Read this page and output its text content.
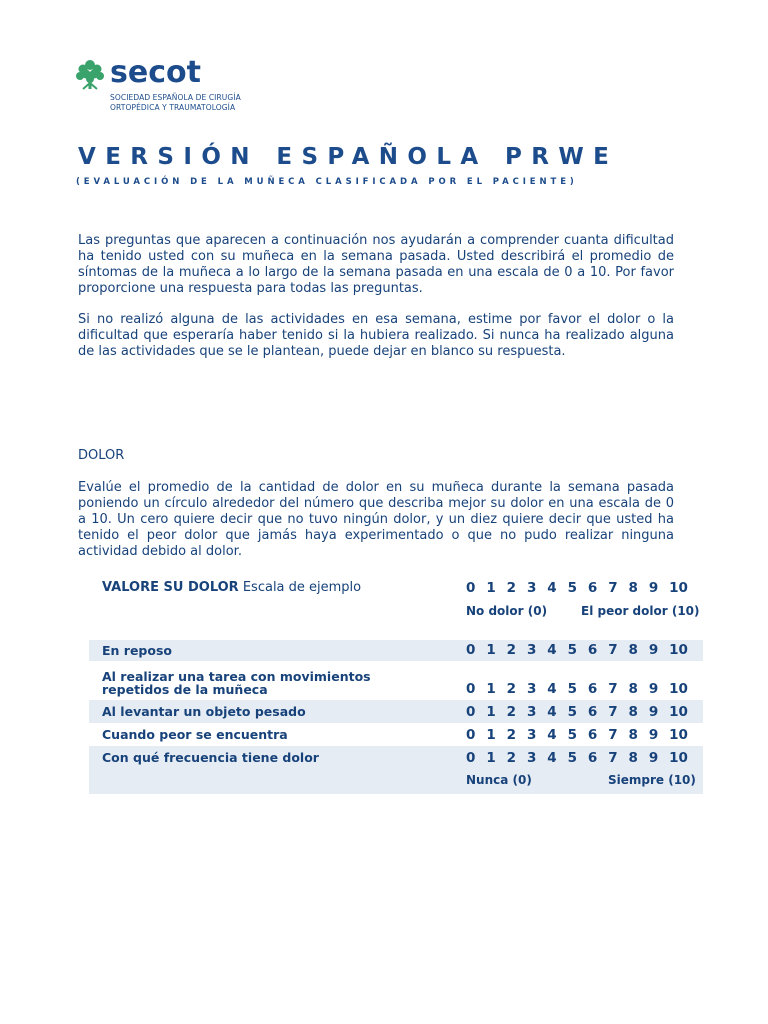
secot
SOCIEDAD ESPAÑOLA DE CIRUGÍA
ORTOPÉDICA Y TRAUMATOLOGÍA
VERSIÓN ESPAÑOLA PRWE
(EVALUACIÓN DE LA MUÑECA CLASIFICADA POR EL PACIENTE)
Las preguntas que aparecen a continuación nos ayudarán a comprender cuanta dificultad ha tenido usted con su muñeca en la semana pasada. Usted describirá el promedio de síntomas de la muñeca a lo largo de la semana pasada en una escala de 0 a 10. Por favor proporcione una respuesta para todas las preguntas.
Si no realizó alguna de las actividades en esa semana, estime por favor el dolor o la dificultad que esperaría haber tenido si la hubiera realizado. Si nunca ha realizado alguna de las actividades que se le plantean, puede dejar en blanco su respuesta.
DOLOR
Evalúe el promedio de la cantidad de dolor en su muñeca durante la semana pasada poniendo un círculo alrededor del número que describa mejor su dolor en una escala de 0 a 10. Un cero quiere decir que no tuvo ningún dolor, y un diez quiere decir que usted ha tenido el peor dolor que jamás haya experimentado o que no pudo realizar ninguna actividad debido al dolor.
VALORE SU DOLOR Escala de ejemplo	0 1 2 3 4 5 6 7 8 9 10
No dolor (0)	El peor dolor (10)
En reposo	0 1 2 3 4 5 6 7 8 9 10
Al realizar una tarea con movimientos repetidos de la muñeca	0 1 2 3 4 5 6 7 8 9 10
Al levantar un objeto pesado	0 1 2 3 4 5 6 7 8 9 10
Cuando peor se encuentra	0 1 2 3 4 5 6 7 8 9 10
Con qué frecuencia tiene dolor	0 1 2 3 4 5 6 7 8 9 10
Nunca (0)	Siempre (10)
